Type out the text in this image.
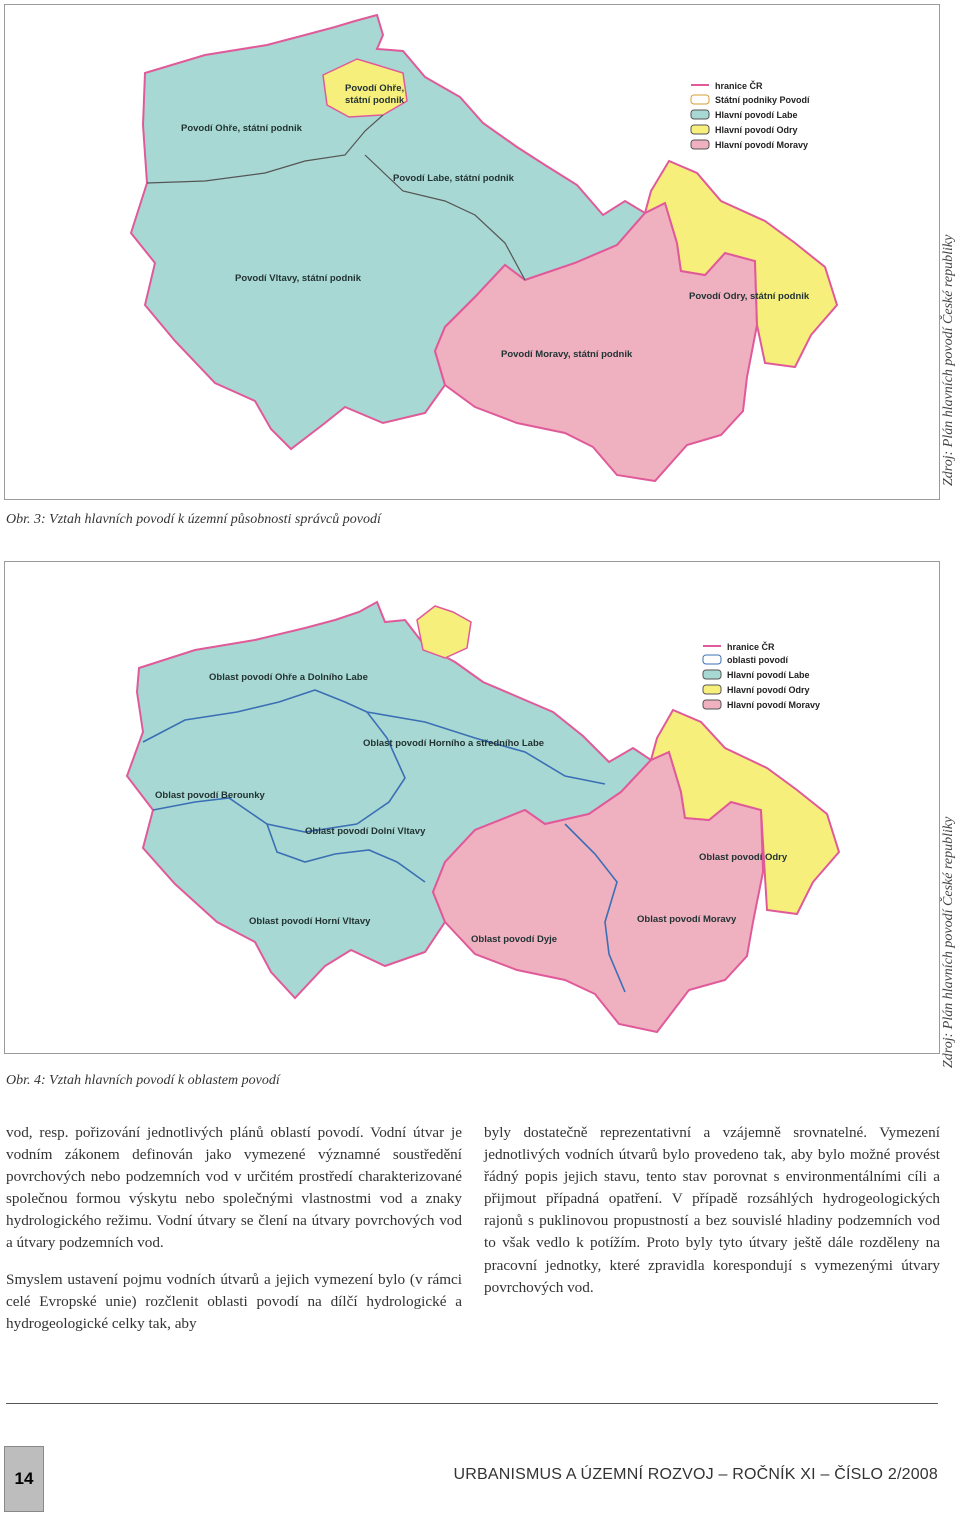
Povodí Ohře, státní podnik
Povodí Ohře, státní podnik
Povodí Labe, státní podnik
Povodí Vltavy, státní podnik
Povodí Odry, státní podnik
Povodí Moravy, státní podnik
hranice ČR
Státní podniky Povodí
Hlavní povodí Labe
Hlavní povodí Odry
Hlavní povodí Moravy
Zdroj: Plán hlavních povodí České republiky
Obr. 3: Vztah hlavních povodí k územní působnosti správců povodí
Oblast povodí Ohře a Dolního Labe
Oblast povodí Horního a středního Labe
Oblast povodí Berounky
Oblast povodí Dolní Vltavy
Oblast povodí Horní Vltavy
Oblast povodí Odry
Oblast povodí Moravy
Oblast povodí Dyje
hranice ČR
oblasti povodí
Hlavní povodí Labe
Hlavní povodí Odry
Hlavní povodí Moravy
Zdroj: Plán hlavních povodí České republiky
Obr. 4: Vztah hlavních povodí k oblastem povodí

vod, resp. pořizování jednotlivých plánů oblastí povodí. Vodní útvar je vodním zákonem definován jako vymezené významné soustředění povrchových nebo podzemních vod v určitém prostředí charakterizované společnou formou výskytu nebo společnými vlastnostmi vod a znaky hydrologického režimu. Vodní útvary se člení na útvary povrchových vod a útvary podzemních vod.

Smyslem ustavení pojmu vodních útvarů a jejich vymezení bylo (v rámci celé Evropské unie) rozčlenit oblasti povodí na dílčí hydrologické a hydrogeologické celky tak, aby

byly dostatečně reprezentativní a vzájemně srovnatelné. Vymezení jednotlivých vodních útvarů bylo provedeno tak, aby bylo možné provést řádný popis jejich stavu, tento stav porovnat s environmentálními cíli a přijmout případná opatření. V případě rozsáhlých hydrogeologických rajonů s puklinovou propustností a bez souvislé hladiny podzemních vod to však vedlo k potížím. Proto byly tyto útvary ještě dále rozděleny na pracovní jednotky, které zpravidla korespondují s vymezenými útvary povrchových vod.

14	URBANISMUS A ÚZEMNÍ ROZVOJ – ROČNÍK XI – ČÍSLO 2/2008
